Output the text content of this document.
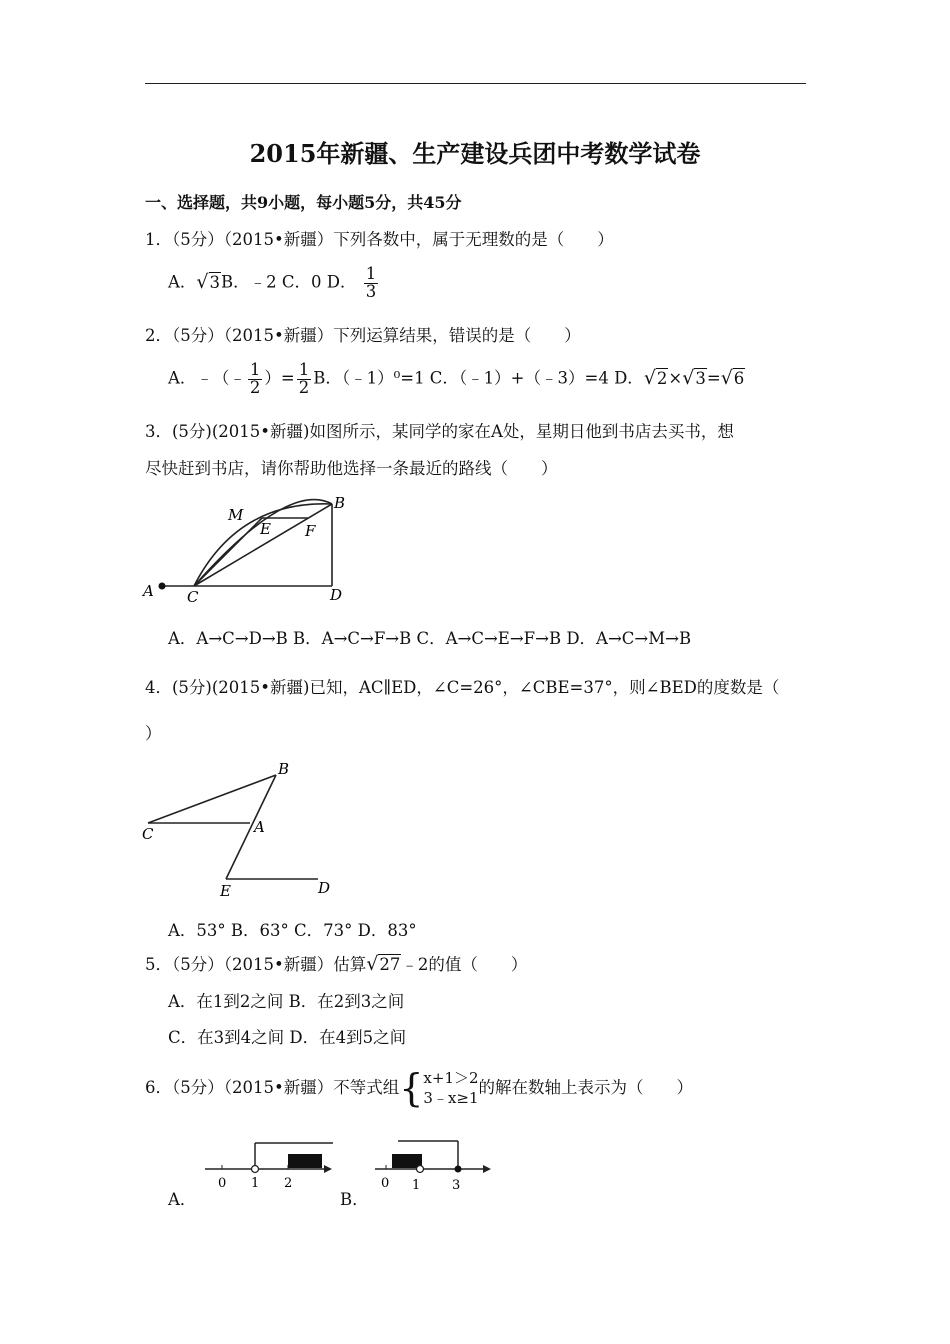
2015年新疆、生产建设兵团中考数学试卷
一、选择题，共9小题，每小题5分，共45分
1．（5分）（2015•新疆）下列各数中，属于无理数的是（　　）
A．√3B．﹣2 C．0 D． $\frac{1}{3}$
2．（5分）（2015•新疆）下列运算结果，错误的是（　　）
A．﹣（﹣ $\frac{1}{2}$ ）= $\frac{1}{2}$ B．（﹣1）⁰=1 C．（﹣1）+（﹣3）=4 D．√2×√3=√6
3．(5分)(2015•新疆)如图所示，某同学的家在A处，星期日他到书店去买书，想
尽快赶到书店，请你帮助他选择一条最近的路线（　　）
A C	D
B
M
E F
A．A→C→D→B B．A→C→F→B C．A→C→E→F→B D．A→C→M→B
4．(5分)(2015•新疆)已知，AC∥ED，∠C=26°，∠CBE=37°，则∠BED的度数是（
）
B
C	A
E	D
A．53° B．63° C．73° D．83°
5．（5分）（2015•新疆）估算√27﹣2的值（　　）
A．在1到2之间 B．在2到3之间
C．在3到4之间 D．在4到5之间
6．（5分）（2015•新疆）不等式组{ x+1＞2
3﹣x≥1
的解在数轴上表示为（　　）
A．
0 1 2
B．
0 1 3
